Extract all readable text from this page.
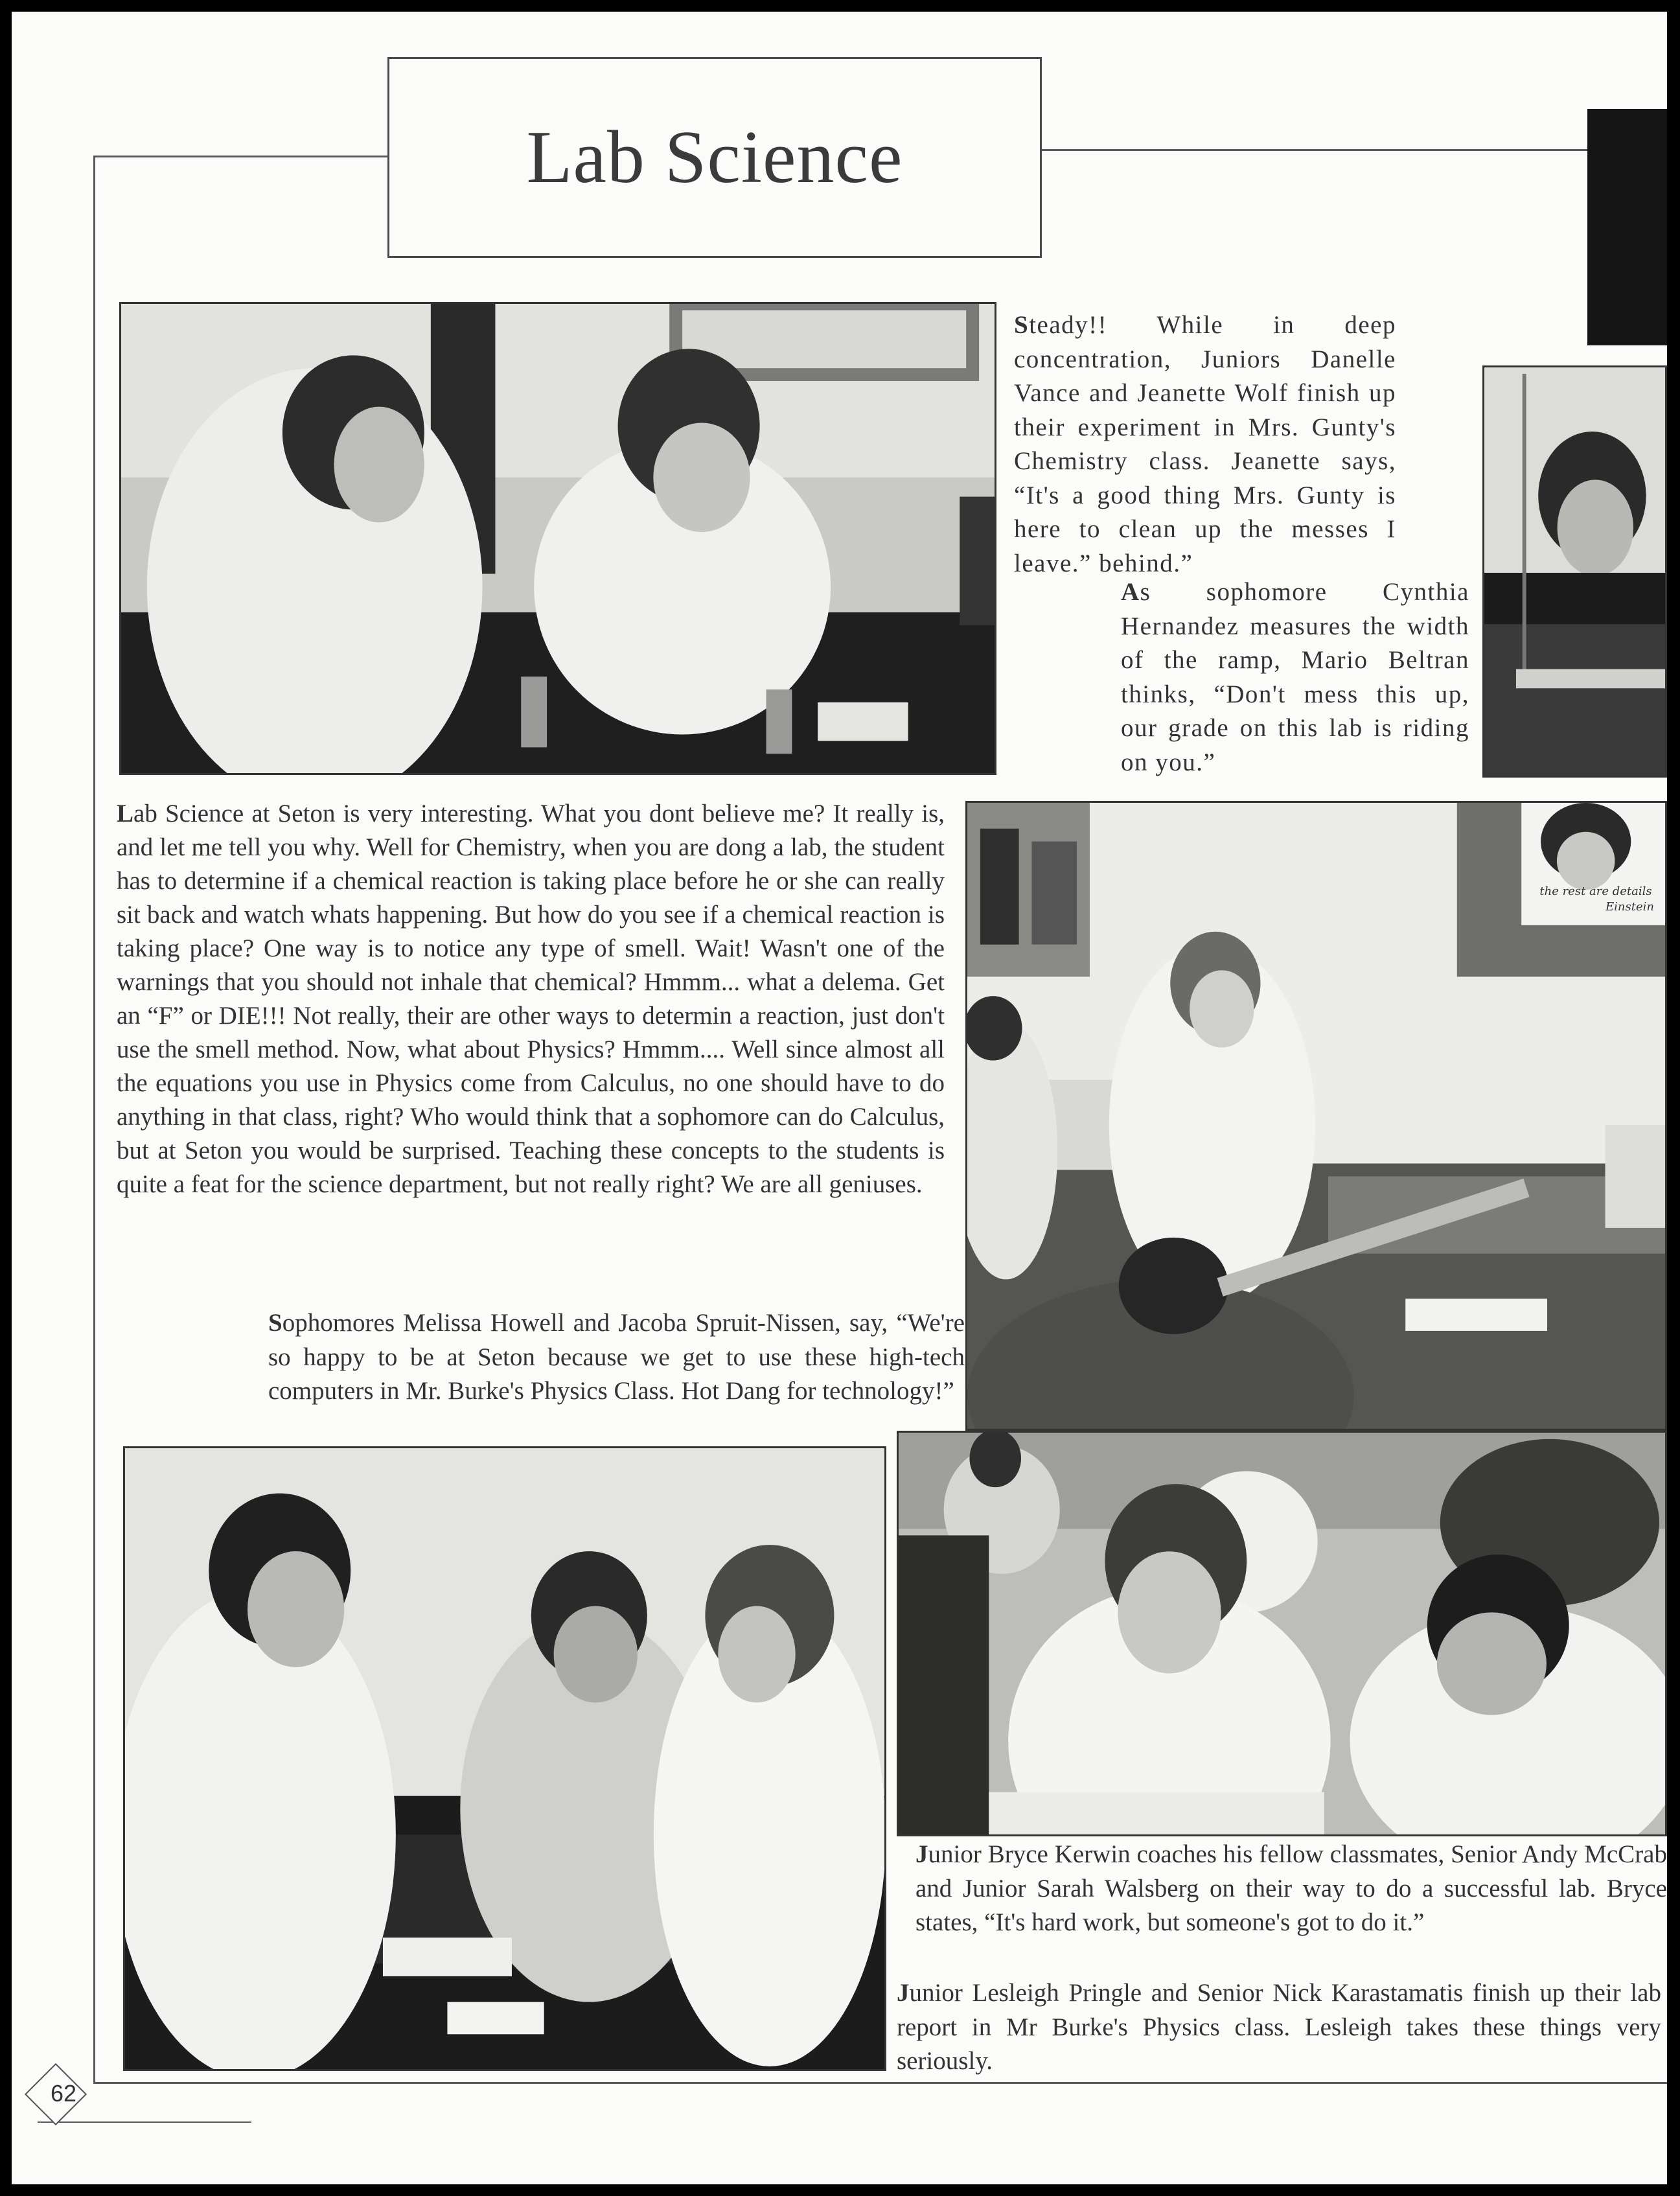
Lab Science
the rest are details
Einstein

Steady!! While in deep concentration, Juniors Danelle Vance and Jeanette Wolf finish up their experiment in Mrs. Gunty's Chemistry class. Jeanette says, “It's a good thing Mrs. Gunty is here to clean up the messes I leave.” behind.”

As sophomore Cynthia Hernandez measures the width of the ramp, Mario Beltran thinks, “Don't mess this up, our grade on this lab is riding on you.”

Lab Science at Seton is very interesting. What you dont believe me? It really is, and let me tell you why. Well for Chemistry, when you are dong a lab, the student has to determine if a chemical reaction is taking place before he or she can really sit back and watch whats happening. But how do you see if a chemical reaction is taking place? One way is to notice any type of smell. Wait! Wasn't one of the warnings that you should not inhale that chemical? Hmmm... what a delema. Get an “F” or DIE!!! Not really, their are other ways to determin a reaction, just don't use the smell method. Now, what about Physics? Hmmm.... Well since almost all the equations you use in Physics come from Calculus, no one should have to do anything in that class, right? Who would think that a sophomore can do Calculus, but at Seton you would be surprised. Teaching these concepts to the students is quite a feat for the science department, but not really right? We are all geniuses.

Sophomores Melissa Howell and Jacoba Spruit-Nissen, say, “We're so happy to be at Seton because we get to use these high-tech computers in Mr. Burke's Physics Class. Hot Dang for technology!”

Junior Bryce Kerwin coaches his fellow classmates, Senior Andy McCrab and Junior Sarah Walsberg on their way to do a successful lab. Bryce states, “It's hard work, but someone's got to do it.”

Junior Lesleigh Pringle and Senior Nick Karastamatis finish up their lab report in Mr Burke's Physics class. Lesleigh takes these things very seriously.

62
